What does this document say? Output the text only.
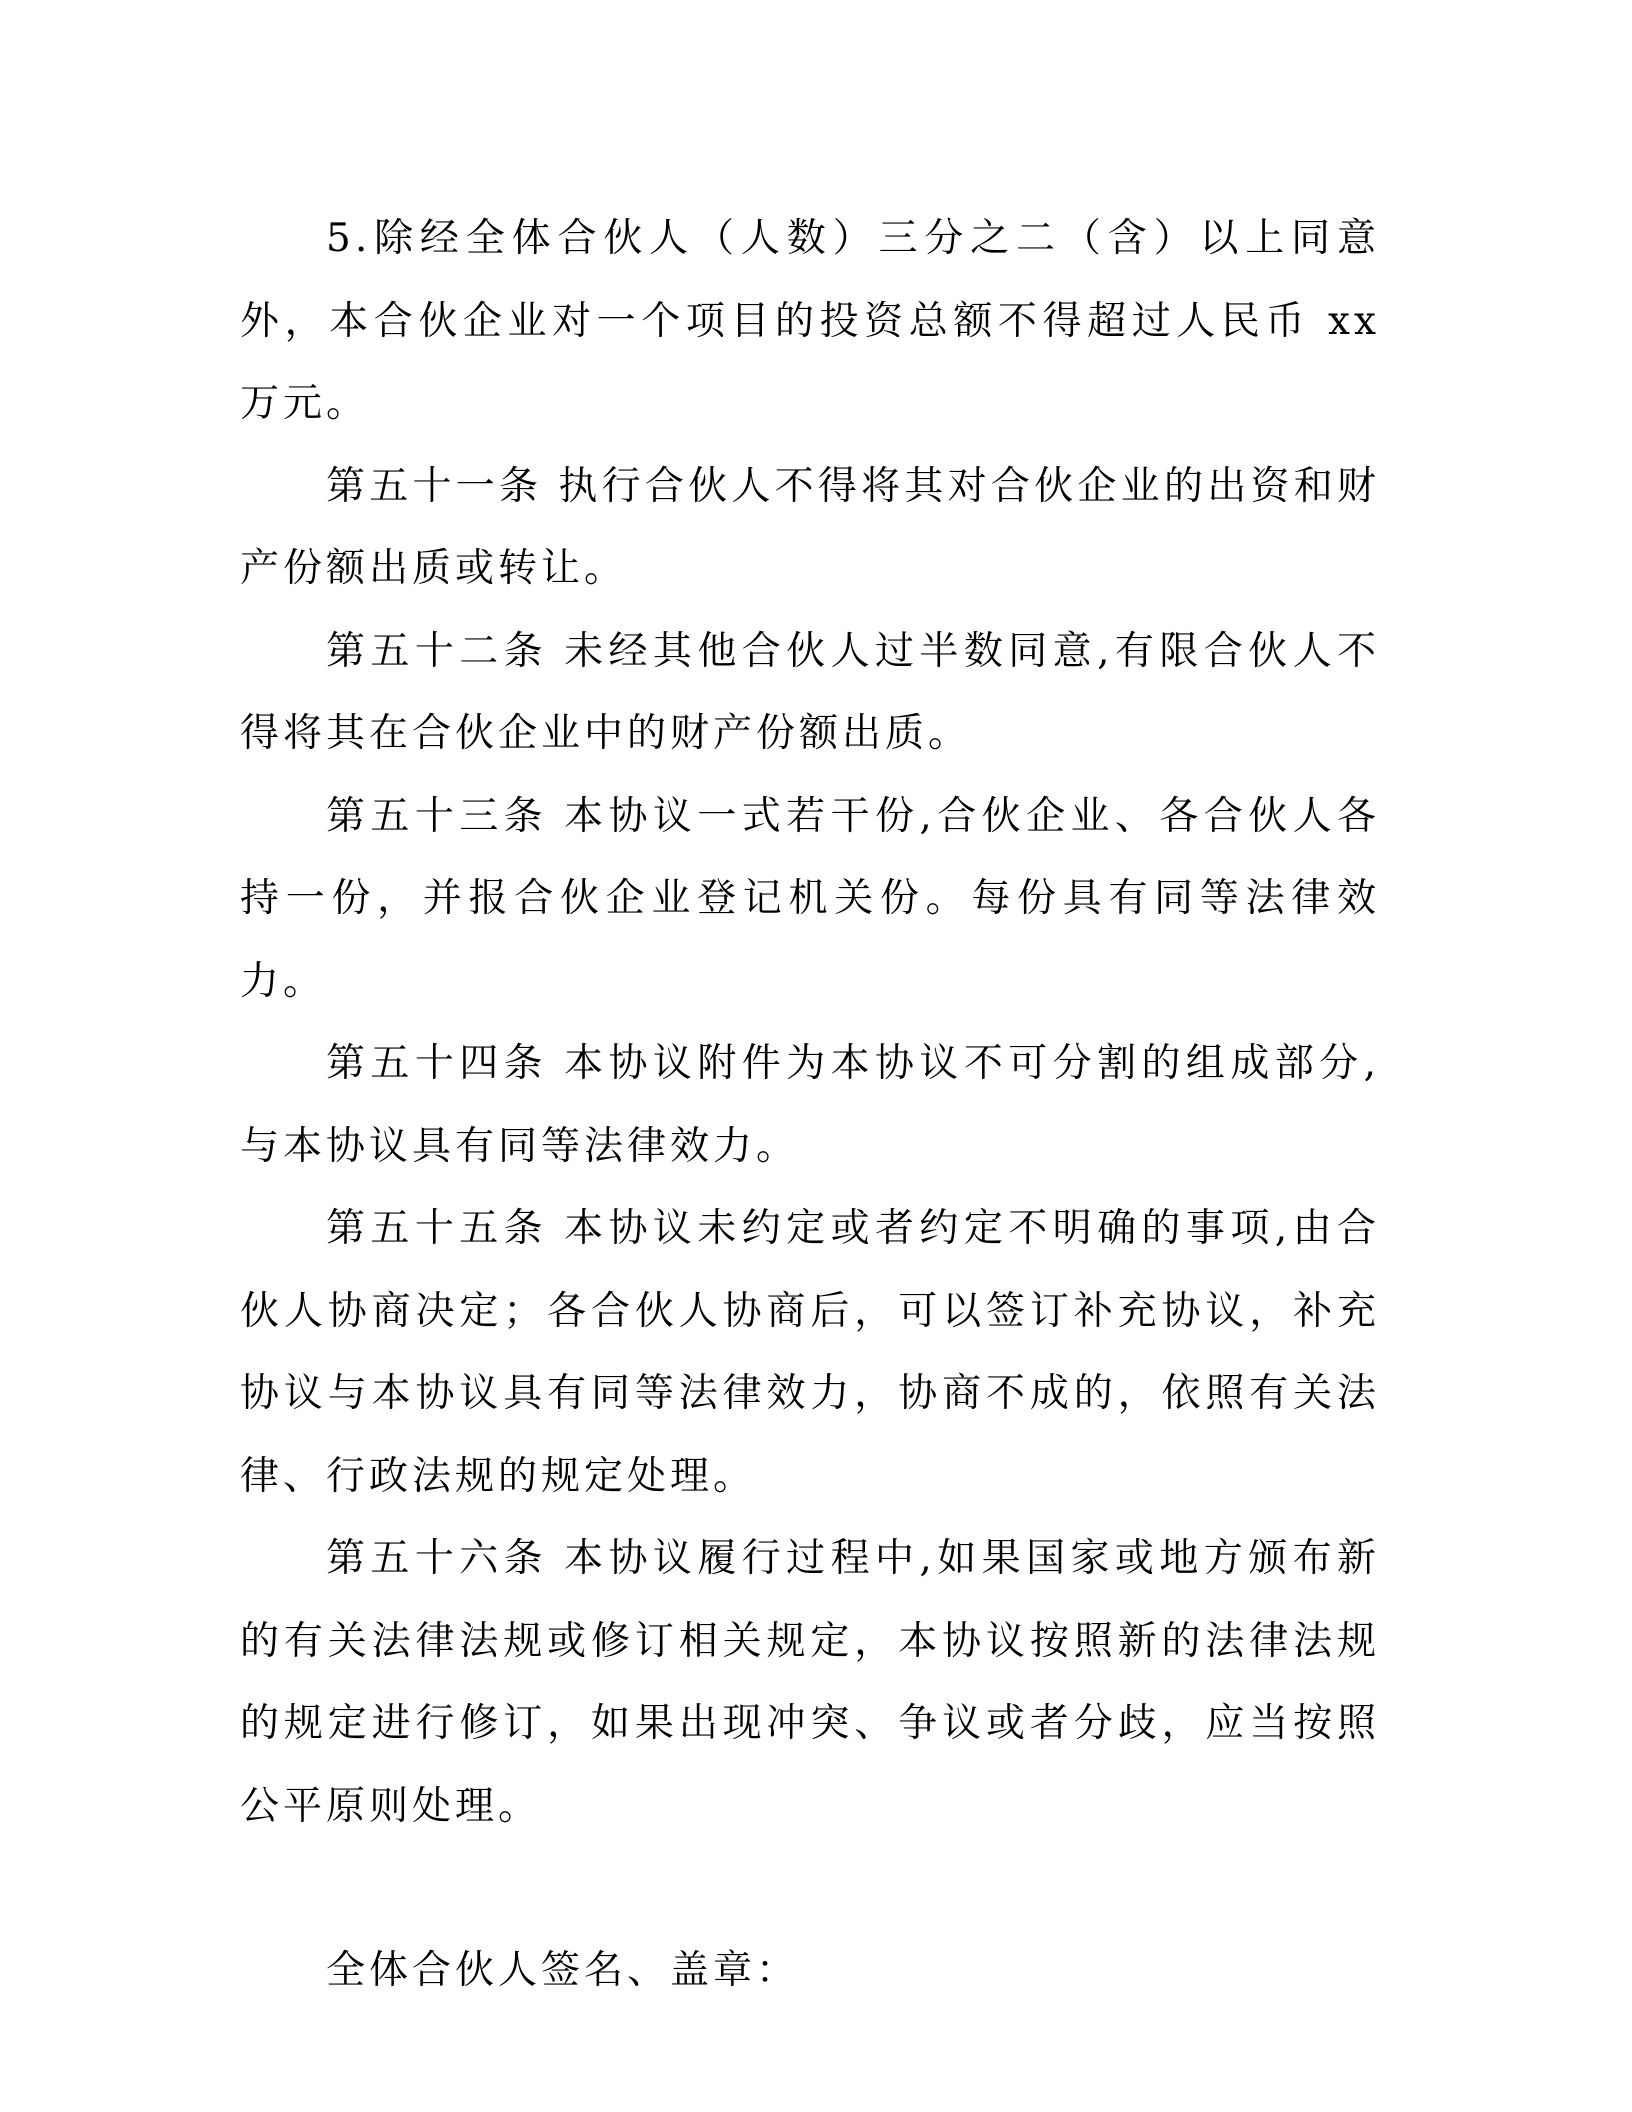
5.除经全体合伙人（人数）三分之二（含）以上同意外，本合伙企业对一个项目的投资总额不得超过人民币 xx 万元。

第五十一条 执行合伙人不得将其对合伙企业的出资和财产份额出质或转让。

第五十二条 未经其他合伙人过半数同意,有限合伙人不得将其在合伙企业中的财产份额出质。

第五十三条 本协议一式若干份,合伙企业、各合伙人各持一份，并报合伙企业登记机关份。每份具有同等法律效力。

第五十四条 本协议附件为本协议不可分割的组成部分,与本协议具有同等法律效力。

第五十五条 本协议未约定或者约定不明确的事项,由合伙人协商决定；各合伙人协商后，可以签订补充协议，补充协议与本协议具有同等法律效力，协商不成的，依照有关法律、行政法规的规定处理。

第五十六条 本协议履行过程中,如果国家或地方颁布新的有关法律法规或修订相关规定，本协议按照新的法律法规的规定进行修订，如果出现冲突、争议或者分歧，应当按照公平原则处理。

全体合伙人签名、盖章：
